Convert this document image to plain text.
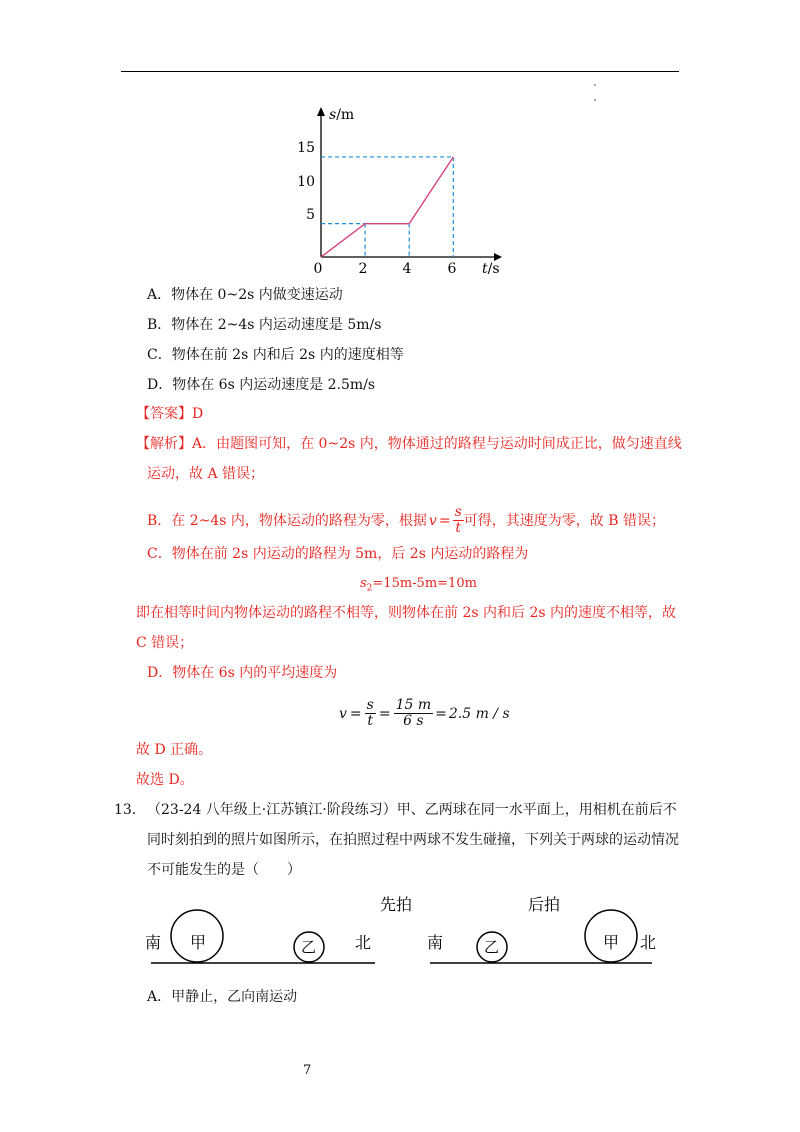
s/m
t/s
15
10
5
0	2	4	6
A．物体在 0~2s 内做变速运动
B．物体在 2~4s 内运动速度是 5m/s
C．物体在前 2s 内和后 2s 内的速度相等
D．物体在 6s 内运动速度是 2.5m/s
【答案】D
【解析】A．由题图可知，在 0~2s 内，物体通过的路程与运动时间成正比，做匀速直线
运动，故 A 错误；
B．在 2~4s 内，物体运动的路程为零，根据 $v = \frac{s}{t}$ 可得，其速度为零，故 B 错误；
C．物体在前 2s 内运动的路程为 5m，后 2s 内运动的路程为
$s_2=15m-5m=10m$
即在相等时间内物体运动的路程不相等，则物体在前 2s 内和后 2s 内的速度不相等，故
C 错误；
D．物体在 6s 内的平均速度为
$v = \frac{s}{t} = \frac{15 m}{6 s} = 2.5$ m / s
故 D 正确。
故选 D。
13． （23-24 八年级上·江苏镇江·阶段练习）甲、乙两球在同一水平面上，用相机在前后不
同时刻拍到的照片如图所示，在拍照过程中两球不发生碰撞，下列关于两球的运动情况
不可能发生的是（　　）
先拍
南 甲	乙 北
后拍
南	乙	甲 北
A．甲静止，乙向南运动
7
